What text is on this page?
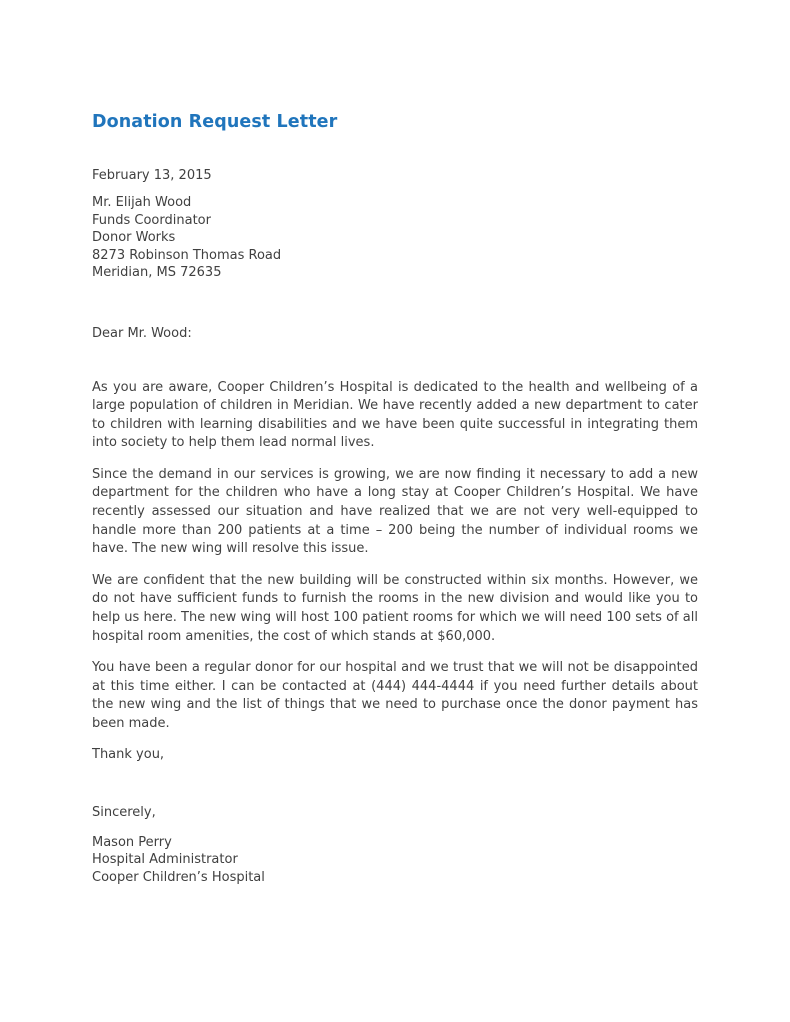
Donation Request Letter

February 13, 2015

Mr. Elijah Wood
Funds Coordinator
Donor Works
8273 Robinson Thomas Road
Meridian, MS 72635

Dear Mr. Wood:

As you are aware, Cooper Children’s Hospital is dedicated to the health and wellbeing of a large population of children in Meridian. We have recently added a new department to cater to children with learning disabilities and we have been quite successful in integrating them into society to help them lead normal lives.

Since the demand in our services is growing, we are now finding it necessary to add a new department for the children who have a long stay at Cooper Children’s Hospital. We have recently assessed our situation and have realized that we are not very well-equipped to handle more than 200 patients at a time – 200 being the number of individual rooms we have. The new wing will resolve this issue.

We are confident that the new building will be constructed within six months. However, we do not have sufficient funds to furnish the rooms in the new division and would like you to help us here. The new wing will host 100 patient rooms for which we will need 100 sets of all hospital room amenities, the cost of which stands at $60,000.

You have been a regular donor for our hospital and we trust that we will not be disappointed at this time either. I can be contacted at (444) 444-4444 if you need further details about the new wing and the list of things that we need to purchase once the donor payment has been made.

Thank you,

Sincerely,

Mason Perry
Hospital Administrator
Cooper Children’s Hospital
